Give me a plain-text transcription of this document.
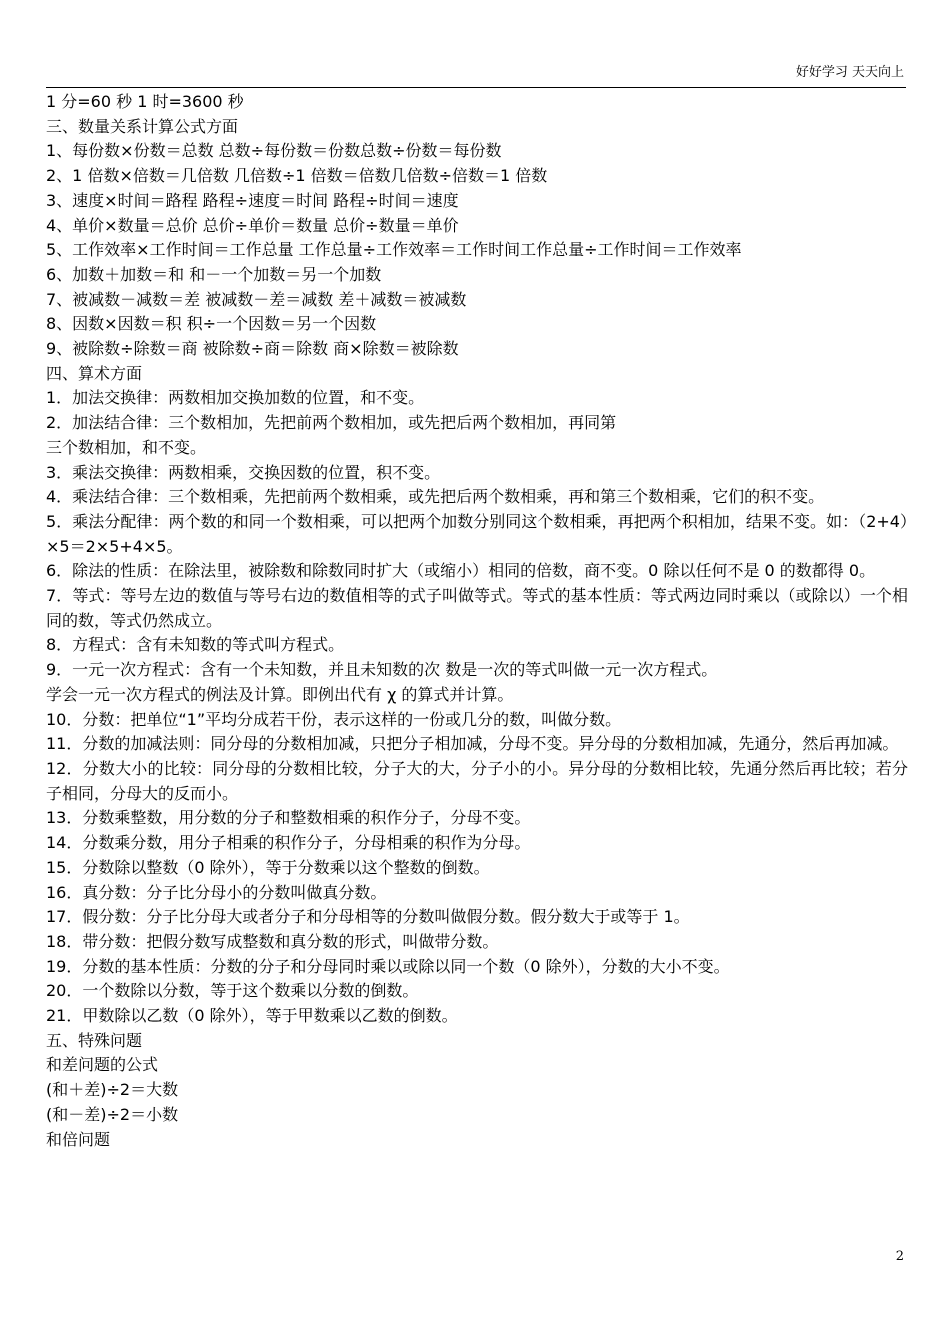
好好学习 天天向上
1 分=60 秒 1 时=3600 秒
三、数量关系计算公式方面
1、每份数×份数＝总数 总数÷每份数＝份数总数÷份数＝每份数
2、1 倍数×倍数＝几倍数 几倍数÷1 倍数＝倍数几倍数÷倍数＝1 倍数
3、速度×时间＝路程 路程÷速度＝时间 路程÷时间＝速度
4、单价×数量＝总价 总价÷单价＝数量 总价÷数量＝单价
5、工作效率×工作时间＝工作总量 工作总量÷工作效率＝工作时间工作总量÷工作时间＝工作效率
6、加数＋加数＝和 和－一个加数＝另一个加数
7、被减数－减数＝差 被减数－差＝减数 差＋减数＝被减数
8、因数×因数＝积 积÷一个因数＝另一个因数
9、被除数÷除数＝商 被除数÷商＝除数 商×除数＝被除数
四、算术方面
1．加法交换律：两数相加交换加数的位置，和不变。
2．加法结合律：三个数相加，先把前两个数相加，或先把后两个数相加，再同第
三个数相加，和不变。
3．乘法交换律：两数相乘，交换因数的位置，积不变。
4．乘法结合律：三个数相乘，先把前两个数相乘，或先把后两个数相乘，再和第三个数相乘，它们的积不变。
5．乘法分配律：两个数的和同一个数相乘，可以把两个加数分别同这个数相乘，再把两个积相加，结果不变。如：（2+4）×5＝2×5+4×5。
6．除法的性质：在除法里，被除数和除数同时扩大（或缩小）相同的倍数，商不变。0 除以任何不是 0 的数都得 0。
7．等式：等号左边的数值与等号右边的数值相等的式子叫做等式。等式的基本性质：等式两边同时乘以（或除以）一个相同的数，等式仍然成立。
8．方程式：含有未知数的等式叫方程式。
9．一元一次方程式：含有一个未知数，并且未知数的次 数是一次的等式叫做一元一次方程式。
学会一元一次方程式的例法及计算。即例出代有 χ 的算式并计算。
10．分数：把单位“1”平均分成若干份，表示这样的一份或几分的数，叫做分数。
11．分数的加减法则：同分母的分数相加减，只把分子相加减，分母不变。异分母的分数相加减，先通分，然后再加减。
12．分数大小的比较：同分母的分数相比较，分子大的大，分子小的小。异分母的分数相比较，先通分然后再比较；若分子相同，分母大的反而小。
13．分数乘整数，用分数的分子和整数相乘的积作分子，分母不变。
14．分数乘分数，用分子相乘的积作分子，分母相乘的积作为分母。
15．分数除以整数（0 除外），等于分数乘以这个整数的倒数。
16．真分数：分子比分母小的分数叫做真分数。
17．假分数：分子比分母大或者分子和分母相等的分数叫做假分数。假分数大于或等于 1。
18．带分数：把假分数写成整数和真分数的形式，叫做带分数。
19．分数的基本性质：分数的分子和分母同时乘以或除以同一个数（0 除外），分数的大小不变。
20．一个数除以分数，等于这个数乘以分数的倒数。
21．甲数除以乙数（0 除外），等于甲数乘以乙数的倒数。
五、特殊问题
和差问题的公式
(和＋差)÷2＝大数
(和－差)÷2＝小数
和倍问题
2
